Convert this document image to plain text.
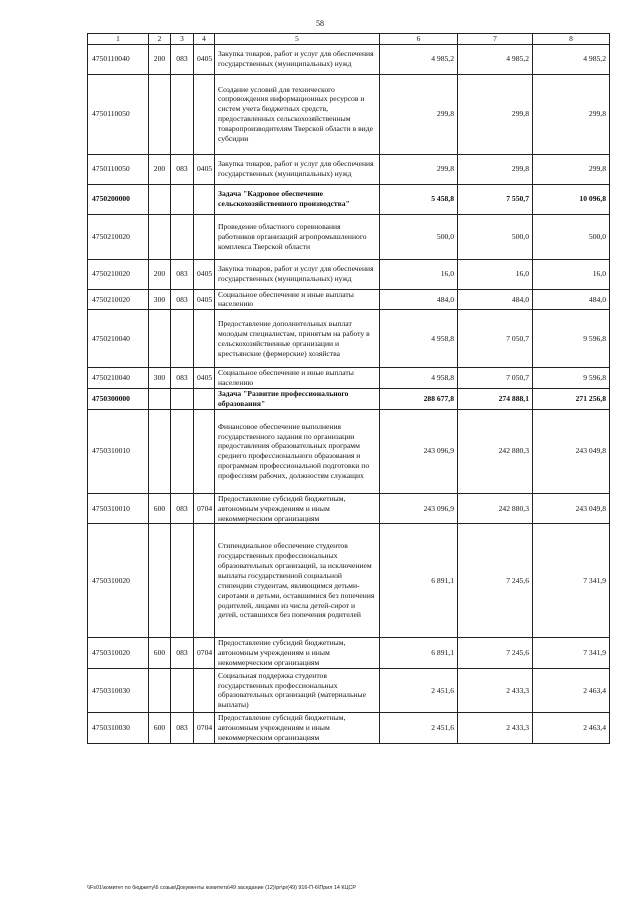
58
1	2	3	4	5	6	7	8
4750110040	200	083	0405	Закупка товаров, работ и услуг для обеспечения государственных (муниципальных) нужд	4 985,2	4 985,2	4 985,2
4750110050				Создание условий для технического сопровождения информационных ресурсов и систем учета бюджетных средств, предоставленных сельскохозяйственным товаропроизводителям Тверской области в виде субсидии	299,8	299,8	299,8
4750110050	200	083	0405	Закупка товаров, работ и услуг для обеспечения государственных (муниципальных) нужд	299,8	299,8	299,8
4750200000				Задача "Кадровое обеспечение сельскохозяйственного производства"	5 458,8	7 550,7	10 096,8
4750210020				Проведение областного соревнования работников организаций агропромышленного комплекса Тверской области	500,0	500,0	500,0
4750210020	200	083	0405	Закупка товаров, работ и услуг для обеспечения государственных (муниципальных) нужд	16,0	16,0	16,0
4750210020	300	083	0405	Социальное обеспечение и иные выплаты населению	484,0	484,0	484,0
4750210040				Предоставление дополнительных выплат молодым специалистам, принятым на работу в сельскохозяйственные организации и крестьянские (фермерские) хозяйства	4 958,8	7 050,7	9 596,8
4750210040	300	083	0405	Социальное обеспечение и иные выплаты населению	4 958,8	7 050,7	9 596,8
4750300000				Задача "Развитие профессионального образования"	288 677,8	274 888,1	271 256,8
4750310010				Финансовое обеспечение выполнения государственного задания по организации предоставления образовательных программ среднего профессионального образования и программам профессиональной подготовки по профессиям рабочих, должностям служащих	243 096,9	242 880,3	243 049,8
4750310010	600	083	0704	Предоставление субсидий бюджетным, автономным учреждениям и иным некоммерческим организациям	243 096,9	242 880,3	243 049,8
4750310020				Стипендиальное обеспечение студентов государственных профессиональных образовательных организаций, за исключением выплаты государственной социальной стипендии студентам, являющимся детьми-сиротами и детьми, оставшимися без попечения родителей, лицами из числа детей-сирот и детей, оставшихся без попечения родителей	6 891,1	7 245,6	7 341,9
4750310020	600	083	0704	Предоставление субсидий бюджетным, автономным учреждениям и иным некоммерческим организациям	6 891,1	7 245,6	7 341,9
4750310030				Социальная поддержка студентов государственных профессиональных образовательных организаций (материальные выплаты)	2 451,6	2 433,3	2 463,4
4750310030	600	083	0704	Предоставление субсидий бюджетным, автономным учреждениям и иным некоммерческим организациям	2 451,6	2 433,3	2 463,4
\\Fs01\комитет по бюджету\6 созыв\Документы комитета\49 заседание (12)\pr\pr(49) 916-П-6\Прил 14 КЦСР
